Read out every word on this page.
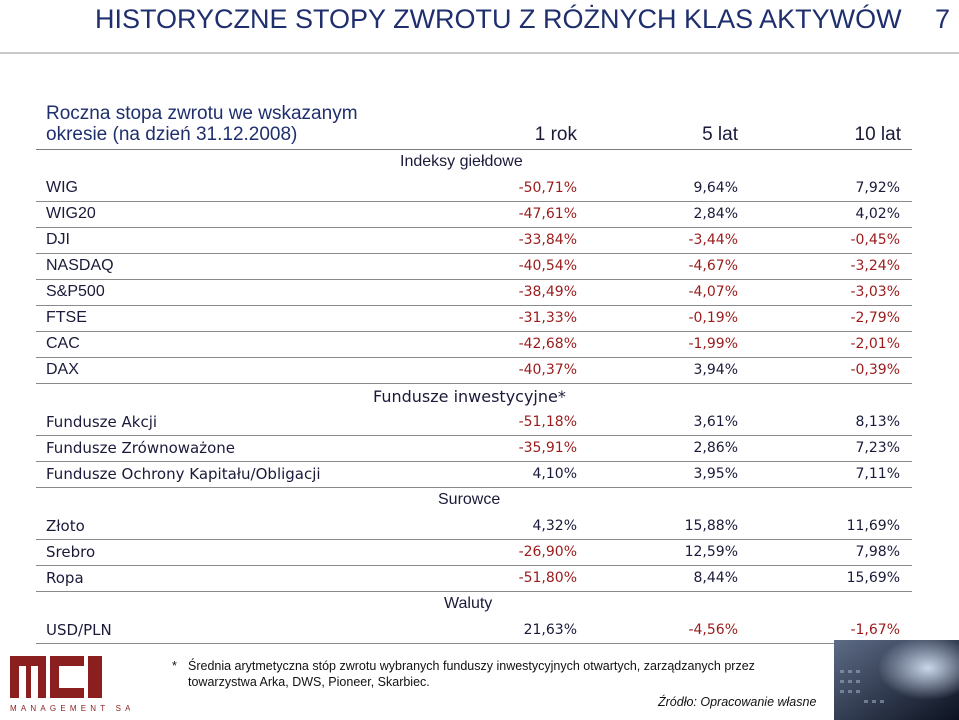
HISTORYCZNE STOPY ZWROTU Z RÓŻNYCH KLAS AKTYWÓW 7
Roczna stopa zwrotu we wskazanym
okresie (na dzień 31.12.2008)	1 rok	5 lat	10 lat
Indeksy giełdowe
WIG	-50,71%	9,64%	7,92%
WIG20	-47,61%	2,84%	4,02%
DJI	-33,84%	-3,44%	-0,45%
NASDAQ	-40,54%	-4,67%	-3,24%
S&P500	-38,49%	-4,07%	-3,03%
FTSE	-31,33%	-0,19%	-2,79%
CAC	-42,68%	-1,99%	-2,01%
DAX	-40,37%	3,94%	-0,39%
Fundusze inwestycyjne*
Fundusze Akcji	-51,18%	3,61%	8,13%
Fundusze Zrównoważone	-35,91%	2,86%	7,23%
Fundusze Ochrony Kapitału/Obligacji	4,10%	3,95%	7,11%
Surowce
Złoto	4,32%	15,88%	11,69%
Srebro	-26,90%	12,59%	7,98%
Ropa	-51,80%	8,44%	15,69%
Waluty
USD/PLN	21,63%	-4,56%	-1,67%
* Średnia arytmetyczna stóp zwrotu wybranych funduszy inwestycyjnych otwartych, zarządzanych przez towarzystwa Arka, DWS, Pioneer, Skarbiec.
Źródło: Opracowanie własne
MANAGEMENT SA
